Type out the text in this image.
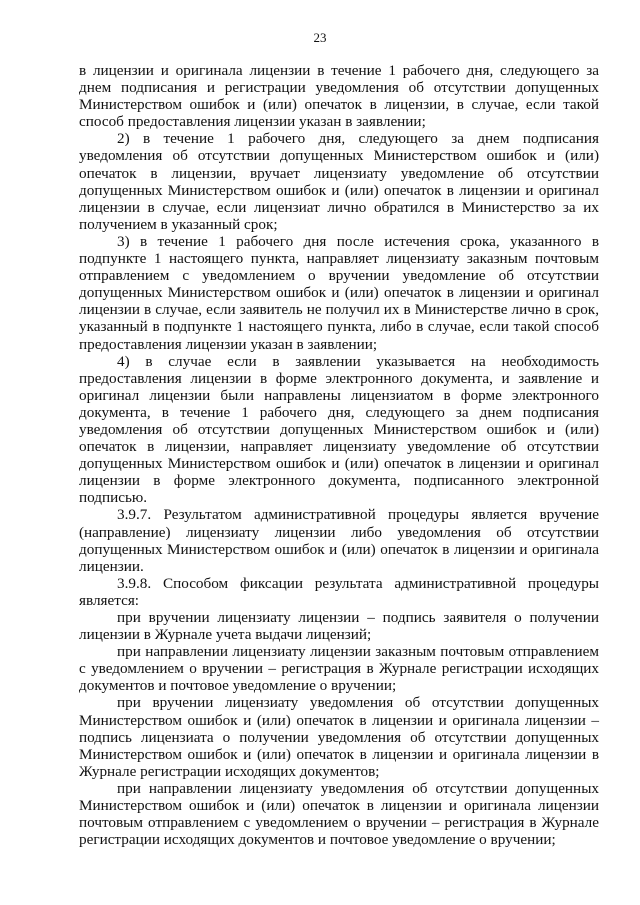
23

в лицензии и оригинала лицензии в течение 1 рабочего дня, следующего за днем подписания и регистрации уведомления об отсутствии допущенных Министерством ошибок и (или) опечаток в лицензии, в случае, если такой способ предоставления лицензии указан в заявлении;

2) в течение 1 рабочего дня, следующего за днем подписания уведомления об отсутствии допущенных Министерством ошибок и (или) опечаток в лицензии, вручает лицензиату уведомление об отсутствии допущенных Министерством ошибок и (или) опечаток в лицензии и оригинал лицензии в случае, если лицензиат лично обратился в Министерство за их получением в указанный срок;

3) в течение 1 рабочего дня после истечения срока, указанного в подпункте 1 настоящего пункта, направляет лицензиату заказным почтовым отправлением с уведомлением о вручении уведомление об отсутствии допущенных Министерством ошибок и (или) опечаток в лицензии и оригинал лицензии в случае, если заявитель не получил их в Министерстве лично в срок, указанный в подпункте 1 настоящего пункта, либо в случае, если такой способ предоставления лицензии указан в заявлении;

4) в случае если в заявлении указывается на необходимость предоставления лицензии в форме электронного документа, и заявление и оригинал лицензии были направлены лицензиатом в форме электронного документа, в течение 1 рабочего дня, следующего за днем подписания уведомления об отсутствии допущенных Министерством ошибок и (или) опечаток в лицензии, направляет лицензиату уведомление об отсутствии допущенных Министерством ошибок и (или) опечаток в лицензии и оригинал лицензии в форме электронного документа, подписанного электронной подписью.

3.9.7. Результатом административной процедуры является вручение (направление) лицензиату лицензии либо уведомления об отсутствии допущенных Министерством ошибок и (или) опечаток в лицензии и оригинала лицензии.

3.9.8. Способом фиксации результата административной процедуры является:

при вручении лицензиату лицензии – подпись заявителя о получении лицензии в Журнале учета выдачи лицензий;

при направлении лицензиату лицензии заказным почтовым отправлением с уведомлением о вручении – регистрация в Журнале регистрации исходящих документов и почтовое уведомление о вручении;

при вручении лицензиату уведомления об отсутствии допущенных Министерством ошибок и (или) опечаток в лицензии и оригинала лицензии – подпись лицензиата о получении уведомления об отсутствии допущенных Министерством ошибок и (или) опечаток в лицензии и оригинала лицензии в Журнале регистрации исходящих документов;

при направлении лицензиату уведомления об отсутствии допущенных Министерством ошибок и (или) опечаток в лицензии и оригинала лицензии почтовым отправлением с уведомлением о вручении – регистрация в Журнале регистрации исходящих документов и почтовое уведомление о вручении;
